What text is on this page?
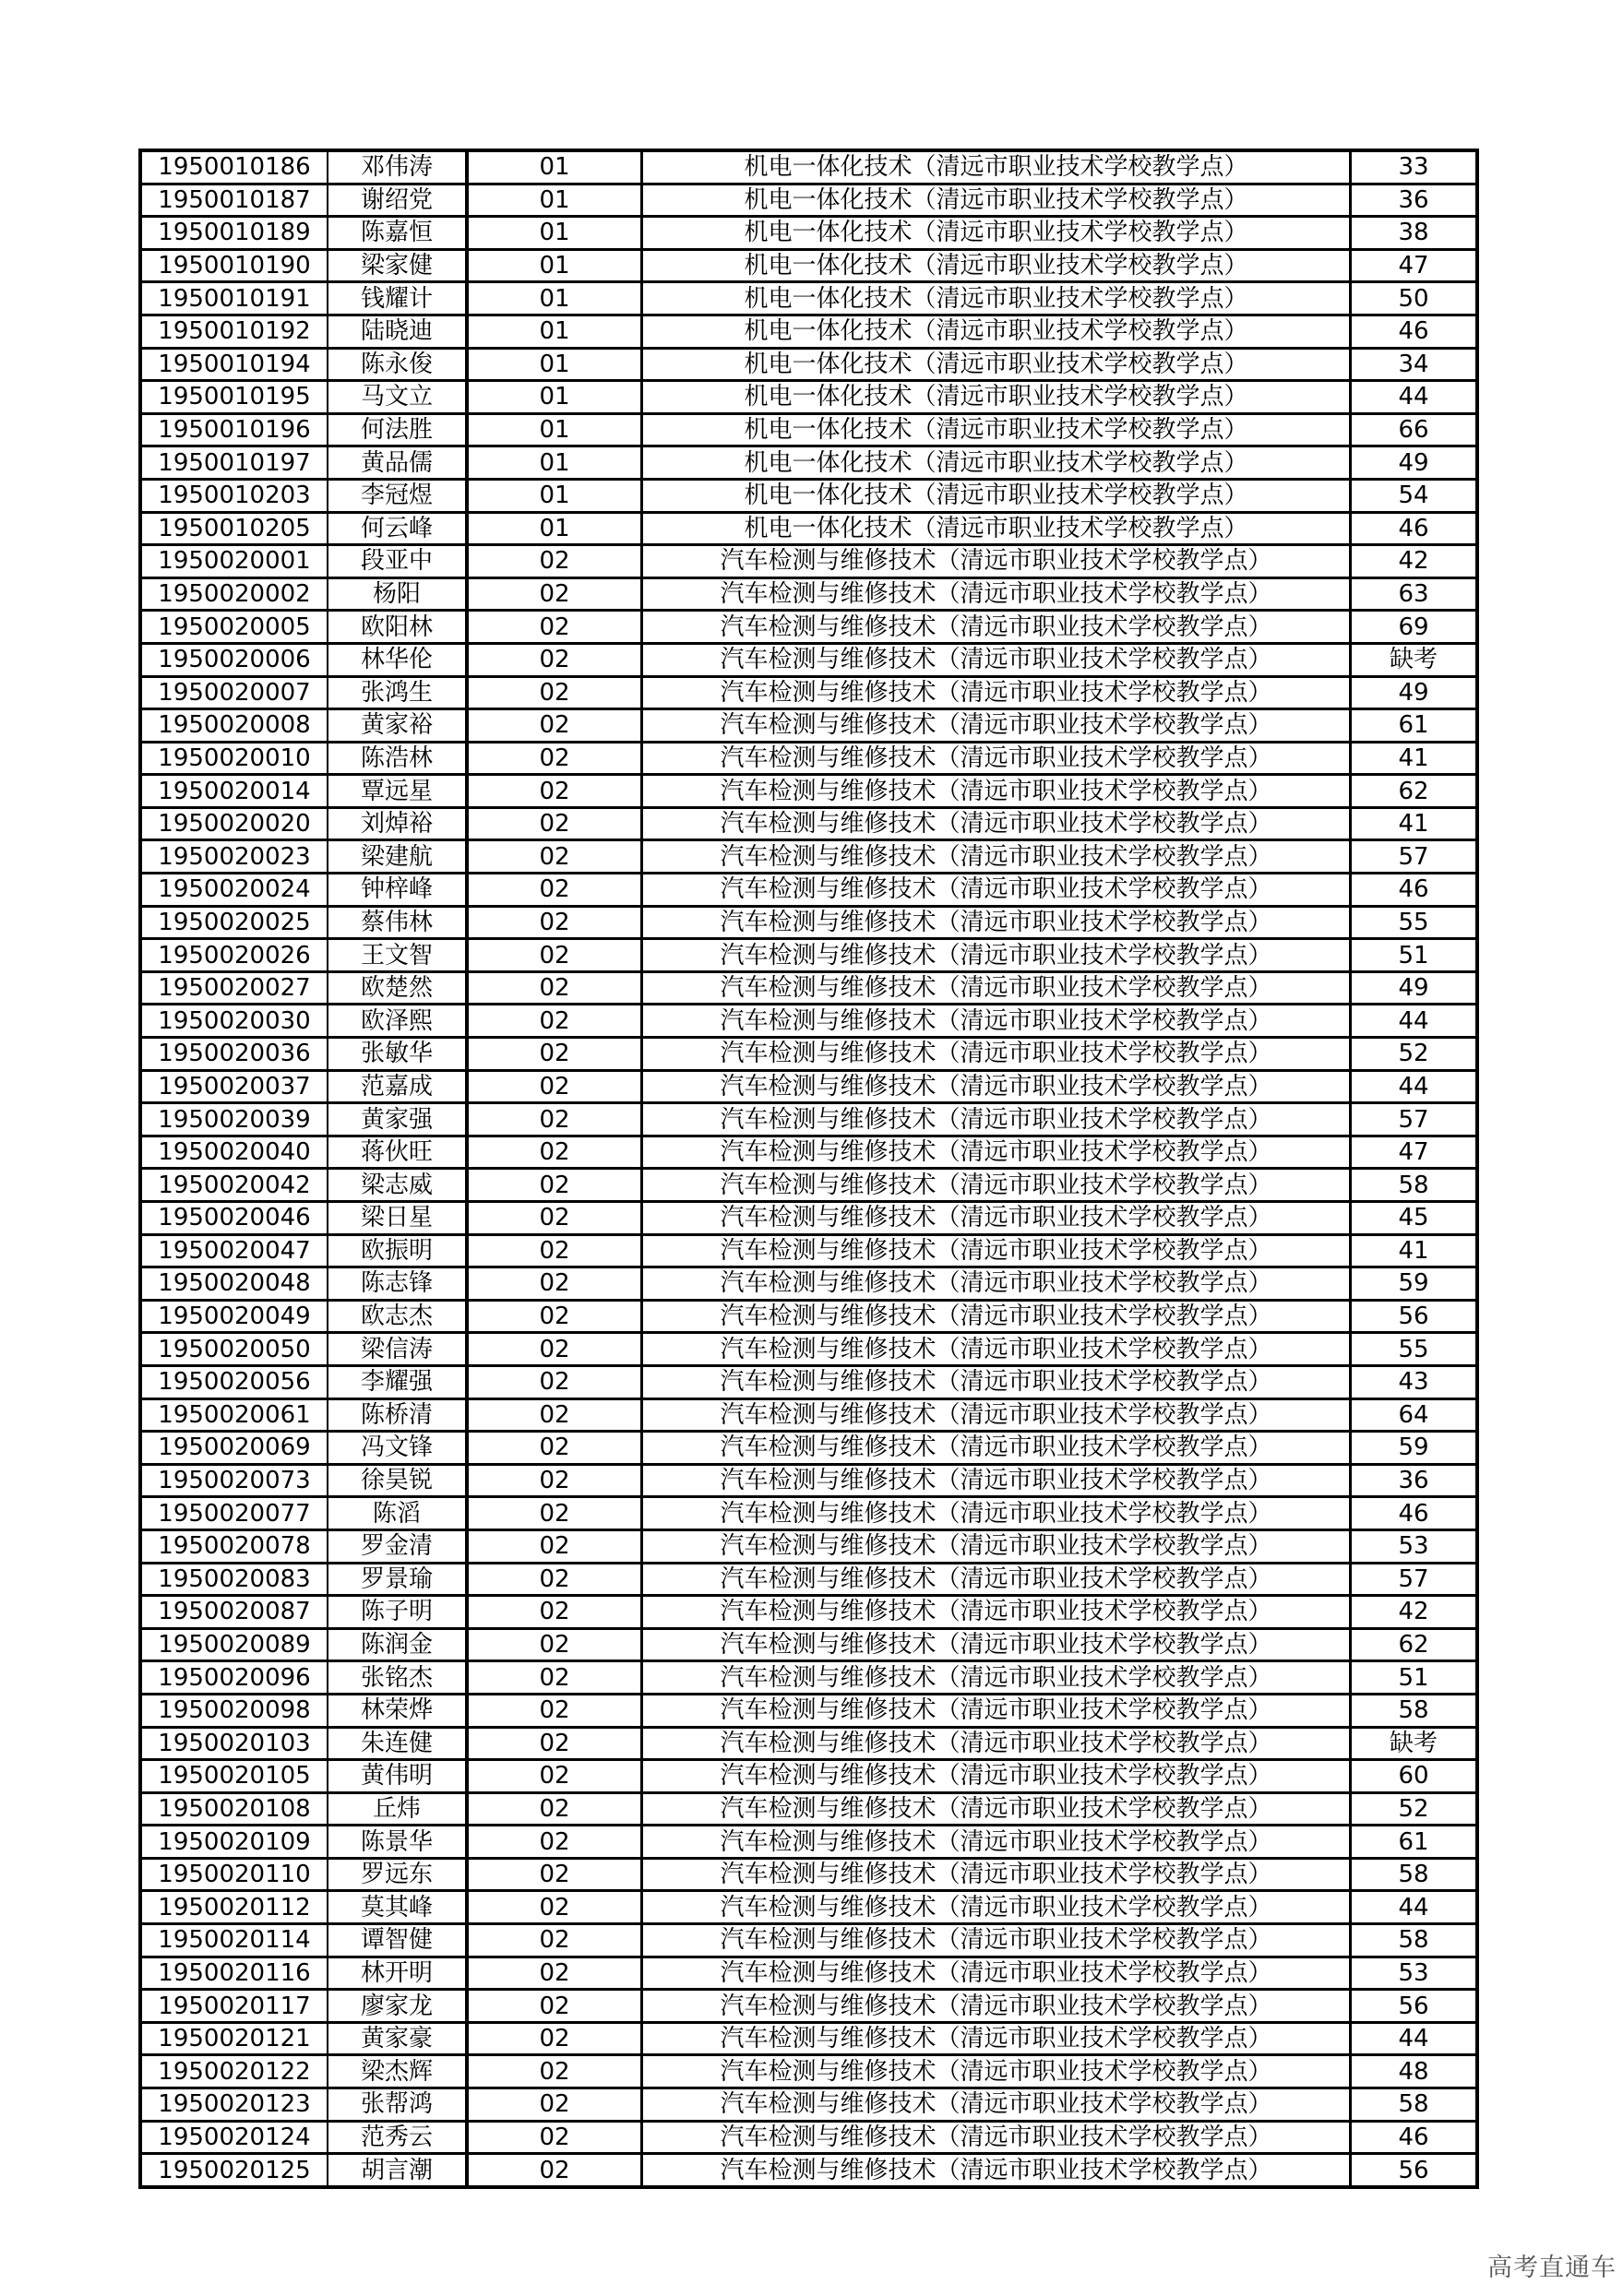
1950010186	邓伟涛	01	机电一体化技术（清远市职业技术学校教学点）	33
1950010187	谢绍党	01	机电一体化技术（清远市职业技术学校教学点）	36
1950010189	陈嘉恒	01	机电一体化技术（清远市职业技术学校教学点）	38
1950010190	梁家健	01	机电一体化技术（清远市职业技术学校教学点）	47
1950010191	钱耀计	01	机电一体化技术（清远市职业技术学校教学点）	50
1950010192	陆晓迪	01	机电一体化技术（清远市职业技术学校教学点）	46
1950010194	陈永俊	01	机电一体化技术（清远市职业技术学校教学点）	34
1950010195	马文立	01	机电一体化技术（清远市职业技术学校教学点）	44
1950010196	何法胜	01	机电一体化技术（清远市职业技术学校教学点）	66
1950010197	黄品儒	01	机电一体化技术（清远市职业技术学校教学点）	49
1950010203	李冠煜	01	机电一体化技术（清远市职业技术学校教学点）	54
1950010205	何云峰	01	机电一体化技术（清远市职业技术学校教学点）	46
1950020001	段亚中	02	汽车检测与维修技术（清远市职业技术学校教学点）	42
1950020002	杨阳	02	汽车检测与维修技术（清远市职业技术学校教学点）	63
1950020005	欧阳林	02	汽车检测与维修技术（清远市职业技术学校教学点）	69
1950020006	林华伦	02	汽车检测与维修技术（清远市职业技术学校教学点）	缺考
1950020007	张鸿生	02	汽车检测与维修技术（清远市职业技术学校教学点）	49
1950020008	黄家裕	02	汽车检测与维修技术（清远市职业技术学校教学点）	61
1950020010	陈浩林	02	汽车检测与维修技术（清远市职业技术学校教学点）	41
1950020014	覃远星	02	汽车检测与维修技术（清远市职业技术学校教学点）	62
1950020020	刘焯裕	02	汽车检测与维修技术（清远市职业技术学校教学点）	41
1950020023	梁建航	02	汽车检测与维修技术（清远市职业技术学校教学点）	57
1950020024	钟梓峰	02	汽车检测与维修技术（清远市职业技术学校教学点）	46
1950020025	蔡伟林	02	汽车检测与维修技术（清远市职业技术学校教学点）	55
1950020026	王文智	02	汽车检测与维修技术（清远市职业技术学校教学点）	51
1950020027	欧楚然	02	汽车检测与维修技术（清远市职业技术学校教学点）	49
1950020030	欧泽熙	02	汽车检测与维修技术（清远市职业技术学校教学点）	44
1950020036	张敏华	02	汽车检测与维修技术（清远市职业技术学校教学点）	52
1950020037	范嘉成	02	汽车检测与维修技术（清远市职业技术学校教学点）	44
1950020039	黄家强	02	汽车检测与维修技术（清远市职业技术学校教学点）	57
1950020040	蒋伙旺	02	汽车检测与维修技术（清远市职业技术学校教学点）	47
1950020042	梁志威	02	汽车检测与维修技术（清远市职业技术学校教学点）	58
1950020046	梁日星	02	汽车检测与维修技术（清远市职业技术学校教学点）	45
1950020047	欧振明	02	汽车检测与维修技术（清远市职业技术学校教学点）	41
1950020048	陈志锋	02	汽车检测与维修技术（清远市职业技术学校教学点）	59
1950020049	欧志杰	02	汽车检测与维修技术（清远市职业技术学校教学点）	56
1950020050	梁信涛	02	汽车检测与维修技术（清远市职业技术学校教学点）	55
1950020056	李耀强	02	汽车检测与维修技术（清远市职业技术学校教学点）	43
1950020061	陈桥清	02	汽车检测与维修技术（清远市职业技术学校教学点）	64
1950020069	冯文锋	02	汽车检测与维修技术（清远市职业技术学校教学点）	59
1950020073	徐昊锐	02	汽车检测与维修技术（清远市职业技术学校教学点）	36
1950020077	陈滔	02	汽车检测与维修技术（清远市职业技术学校教学点）	46
1950020078	罗金清	02	汽车检测与维修技术（清远市职业技术学校教学点）	53
1950020083	罗景瑜	02	汽车检测与维修技术（清远市职业技术学校教学点）	57
1950020087	陈子明	02	汽车检测与维修技术（清远市职业技术学校教学点）	42
1950020089	陈润金	02	汽车检测与维修技术（清远市职业技术学校教学点）	62
1950020096	张铭杰	02	汽车检测与维修技术（清远市职业技术学校教学点）	51
1950020098	林荣烨	02	汽车检测与维修技术（清远市职业技术学校教学点）	58
1950020103	朱连健	02	汽车检测与维修技术（清远市职业技术学校教学点）	缺考
1950020105	黄伟明	02	汽车检测与维修技术（清远市职业技术学校教学点）	60
1950020108	丘炜	02	汽车检测与维修技术（清远市职业技术学校教学点）	52
1950020109	陈景华	02	汽车检测与维修技术（清远市职业技术学校教学点）	61
1950020110	罗远东	02	汽车检测与维修技术（清远市职业技术学校教学点）	58
1950020112	莫其峰	02	汽车检测与维修技术（清远市职业技术学校教学点）	44
1950020114	谭智健	02	汽车检测与维修技术（清远市职业技术学校教学点）	58
1950020116	林开明	02	汽车检测与维修技术（清远市职业技术学校教学点）	53
1950020117	廖家龙	02	汽车检测与维修技术（清远市职业技术学校教学点）	56
1950020121	黄家豪	02	汽车检测与维修技术（清远市职业技术学校教学点）	44
1950020122	梁杰辉	02	汽车检测与维修技术（清远市职业技术学校教学点）	48
1950020123	张帮鸿	02	汽车检测与维修技术（清远市职业技术学校教学点）	58
1950020124	范秀云	02	汽车检测与维修技术（清远市职业技术学校教学点）	46
1950020125	胡言潮	02	汽车检测与维修技术（清远市职业技术学校教学点）	56
高考直通车
